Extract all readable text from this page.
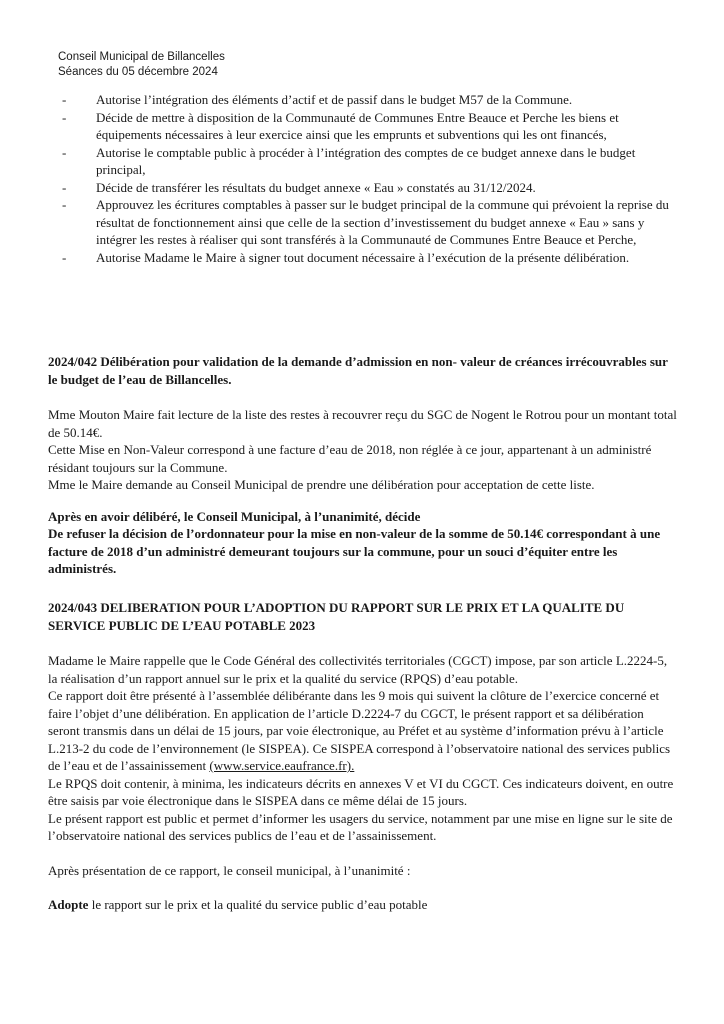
Conseil Municipal de Billancelles
Séances du 05 décembre 2024
- Autorise l’intégration des éléments d’actif et de passif dans le budget M57 de la Commune.
- Décide de mettre à disposition de la Communauté de Communes Entre Beauce et Perche les biens et équipements nécessaires à leur exercice ainsi que les emprunts et subventions qui les ont financés,
- Autorise le comptable public à procéder à l’intégration des comptes de ce budget annexe dans le budget principal,
- Décide de transférer les résultats du budget annexe « Eau » constatés au 31/12/2024.
- Approuvez les écritures comptables à passer sur le budget principal de la commune qui prévoient la reprise du résultat de fonctionnement ainsi que celle de la section d’investissement du budget annexe « Eau » sans y intégrer les restes à réaliser qui sont transférés à la Communauté de Communes Entre Beauce et Perche,
- Autorise Madame le Maire à signer tout document nécessaire à l’exécution de la présente délibération.

2024/042 Délibération pour validation de la demande d’admission en non- valeur de créances irrécouvrables sur le budget de l’eau de Billancelles.

Mme Mouton Maire fait lecture de la liste des restes à recouvrer reçu du SGC de Nogent le Rotrou pour un montant total de 50.14€.

Cette Mise en Non-Valeur correspond à une facture d’eau de 2018, non réglée à ce jour, appartenant à un administré résidant toujours sur la Commune.

Mme le Maire demande au Conseil Municipal de prendre une délibération pour acceptation de cette liste.

Après en avoir délibéré, le Conseil Municipal, à l’unanimité, décide

De refuser la décision de l’ordonnateur pour la mise en non-valeur de la somme de 50.14€ correspondant à une facture de 2018 d’un administré demeurant toujours sur la commune, pour un souci d’équiter entre les administrés.

2024/043 DELIBERATION POUR L’ADOPTION DU RAPPORT SUR LE PRIX ET LA QUALITE DU SERVICE PUBLIC DE L’EAU POTABLE 2023

Madame le Maire rappelle que le Code Général des collectivités territoriales (CGCT) impose, par son article L.2224-5, la réalisation d’un rapport annuel sur le prix et la qualité du service (RPQS) d’eau potable.

Ce rapport doit être présenté à l’assemblée délibérante dans les 9 mois qui suivent la clôture de l’exercice concerné et faire l’objet d’une délibération. En application de l’article D.2224-7 du CGCT, le présent rapport et sa délibération seront transmis dans un délai de 15 jours, par voie électronique, au Préfet et au système d’information prévu à l’article L.213-2 du code de l’environnement (le SISPEA). Ce SISPEA correspond à l’observatoire national des services publics de l’eau et de l’assainissement (www.service.eaufrance.fr).

Le RPQS doit contenir, à minima, les indicateurs décrits en annexes V et VI du CGCT. Ces indicateurs doivent, en outre être saisis par voie électronique dans le SISPEA dans ce même délai de 15 jours.

Le présent rapport est public et permet d’informer les usagers du service, notamment par une mise en ligne sur le site de l’observatoire national des services publics de l’eau et de l’assainissement.

Après présentation de ce rapport, le conseil municipal, à l’unanimité :

Adopte le rapport sur le prix et la qualité du service public d’eau potable
